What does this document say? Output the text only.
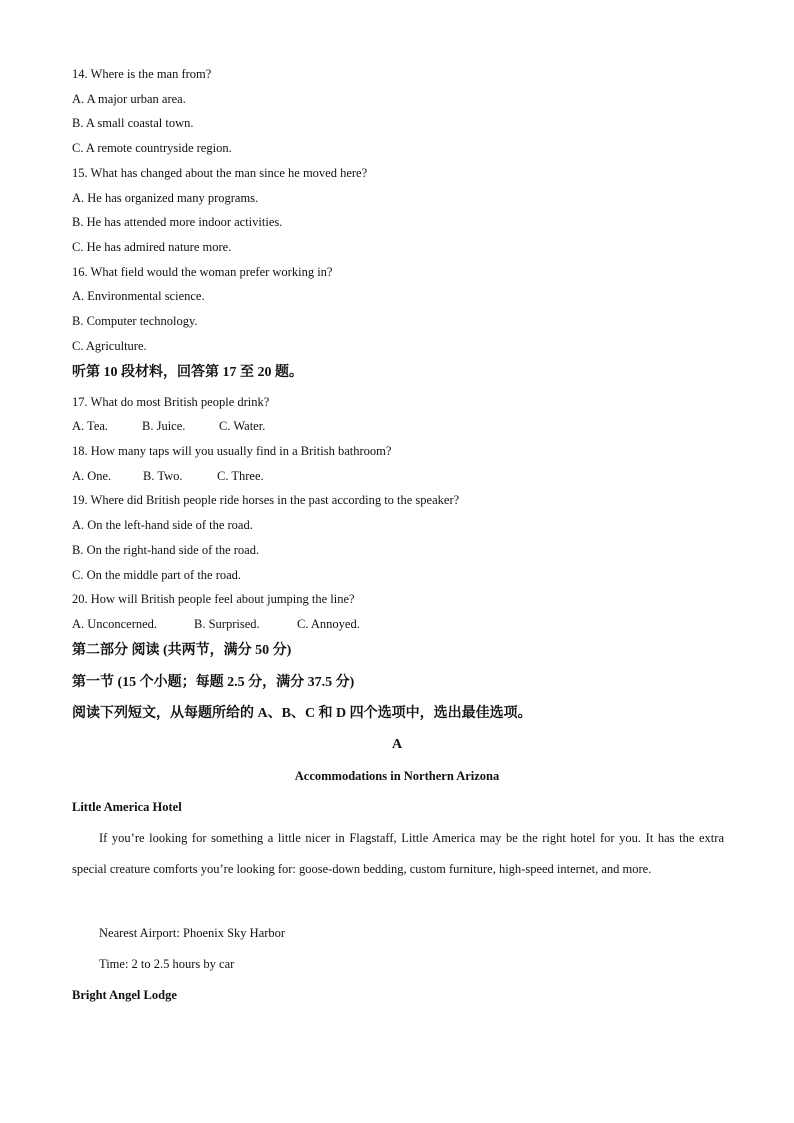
14. Where is the man from?
A. A major urban area.
B. A small coastal town.
C. A remote countryside region.
15. What has changed about the man since he moved here?
A. He has organized many programs.
B. He has attended more indoor activities.
C. He has admired nature more.
16. What field would the woman prefer working in?
A. Environmental science.
B. Computer technology.
C. Agriculture.
听第 10 段材料，回答第 17 至 20 题。
17. What do most British people drink?
A. Tea.	B. Juice.	C. Water.
18. How many taps will you usually find in a British bathroom?
A. One.	B. Two.	C. Three.
19. Where did British people ride horses in the past according to the speaker?
A. On the left-hand side of the road.
B. On the right-hand side of the road.
C. On the middle part of the road.
20. How will British people feel about jumping the line?
A. Unconcerned.	B. Surprised.	C. Annoyed.
第二部分 阅读 (共两节，满分 50 分)
第一节 (15 个小题；每题 2.5 分，满分 37.5 分)
阅读下列短文，从每题所给的 A、B、C 和 D 四个选项中，选出最佳选项。
A
Accommodations in Northern Arizona
Little America Hotel
If you’re looking for something a little nicer in Flagstaff, Little America may be the right hotel for you. It has the extra special creature comforts you’re looking for: goose-down bedding, custom furniture, high-speed internet, and more.
Nearest Airport: Phoenix Sky Harbor
Time: 2 to 2.5 hours by car
Bright Angel Lodge
